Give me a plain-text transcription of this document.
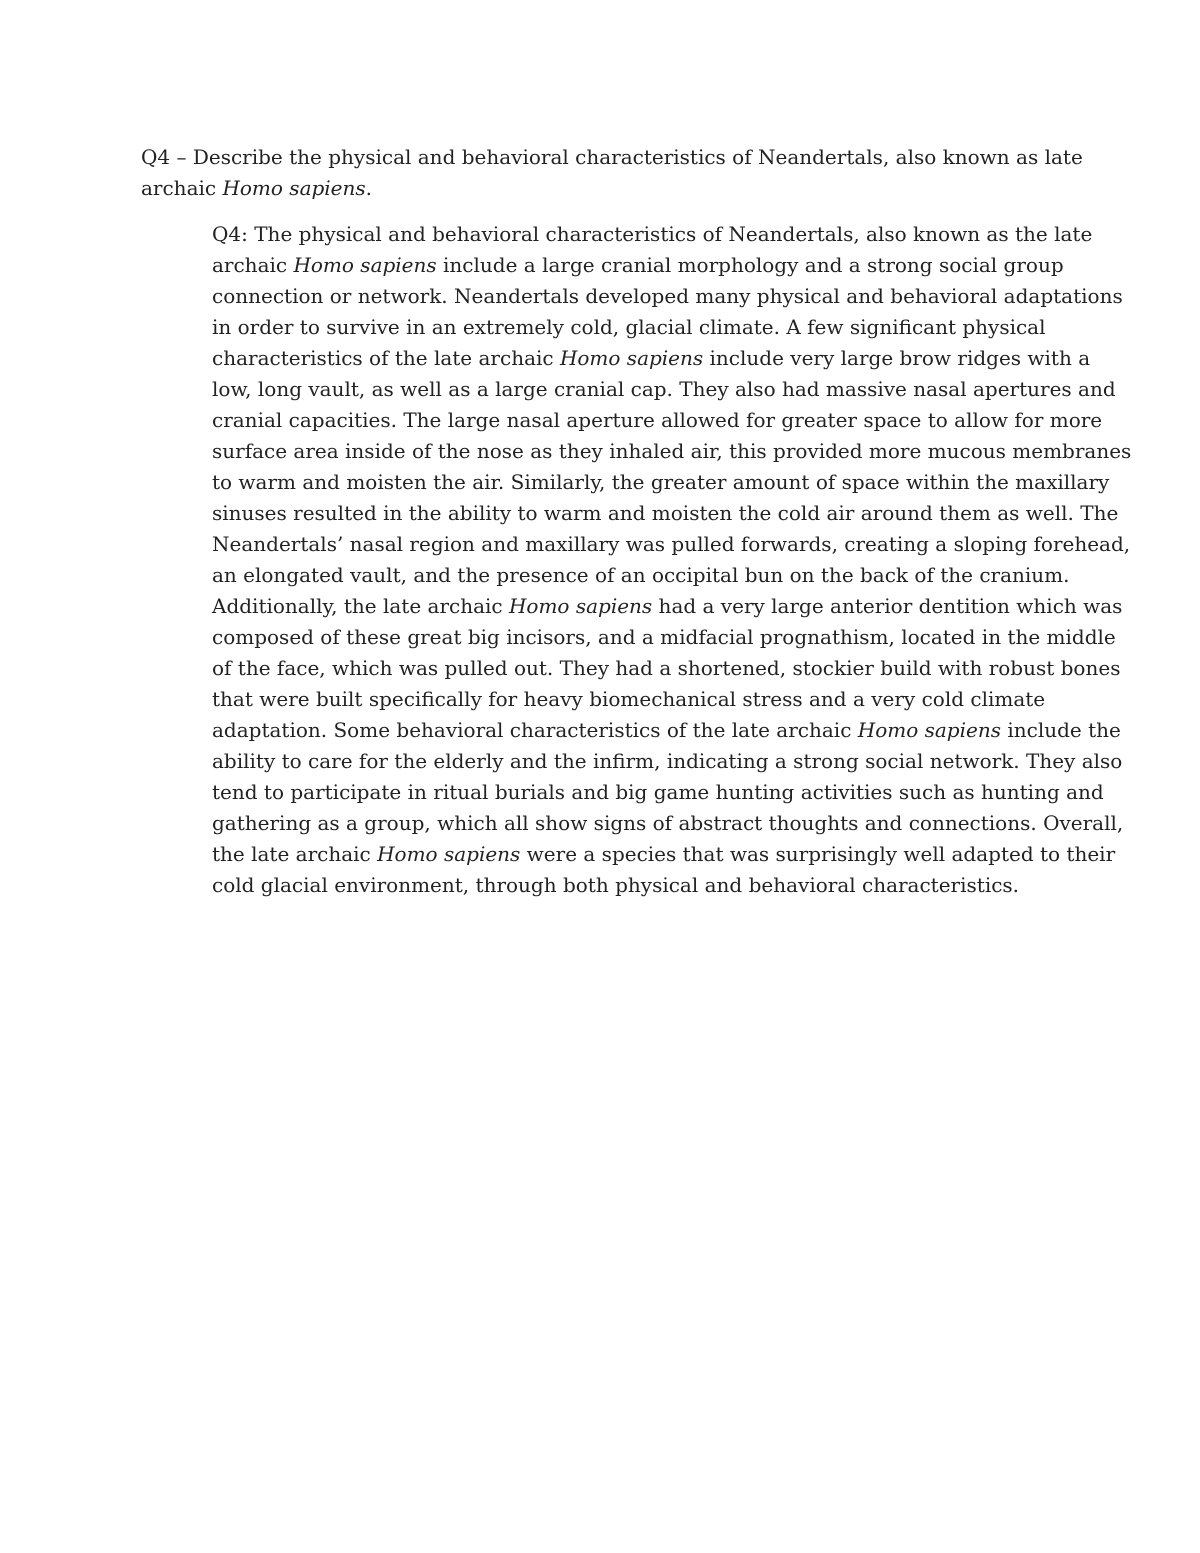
Q4 – Describe the physical and behavioral characteristics of Neandertals, also known as late
archaic Homo sapiens.
Q4: The physical and behavioral characteristics of Neandertals, also known as the late
archaic Homo sapiens include a large cranial morphology and a strong social group
connection or network. Neandertals developed many physical and behavioral adaptations
in order to survive in an extremely cold, glacial climate. A few significant physical
characteristics of the late archaic Homo sapiens include very large brow ridges with a
low, long vault, as well as a large cranial cap. They also had massive nasal apertures and
cranial capacities. The large nasal aperture allowed for greater space to allow for more
surface area inside of the nose as they inhaled air, this provided more mucous membranes
to warm and moisten the air. Similarly, the greater amount of space within the maxillary
sinuses resulted in the ability to warm and moisten the cold air around them as well. The
Neandertals’ nasal region and maxillary was pulled forwards, creating a sloping forehead,
an elongated vault, and the presence of an occipital bun on the back of the cranium.
Additionally, the late archaic Homo sapiens had a very large anterior dentition which was
composed of these great big incisors, and a midfacial prognathism, located in the middle
of the face, which was pulled out. They had a shortened, stockier build with robust bones
that were built specifically for heavy biomechanical stress and a very cold climate
adaptation. Some behavioral characteristics of the late archaic Homo sapiens include the
ability to care for the elderly and the infirm, indicating a strong social network. They also
tend to participate in ritual burials and big game hunting activities such as hunting and
gathering as a group, which all show signs of abstract thoughts and connections. Overall,
the late archaic Homo sapiens were a species that was surprisingly well adapted to their
cold glacial environment, through both physical and behavioral characteristics.
